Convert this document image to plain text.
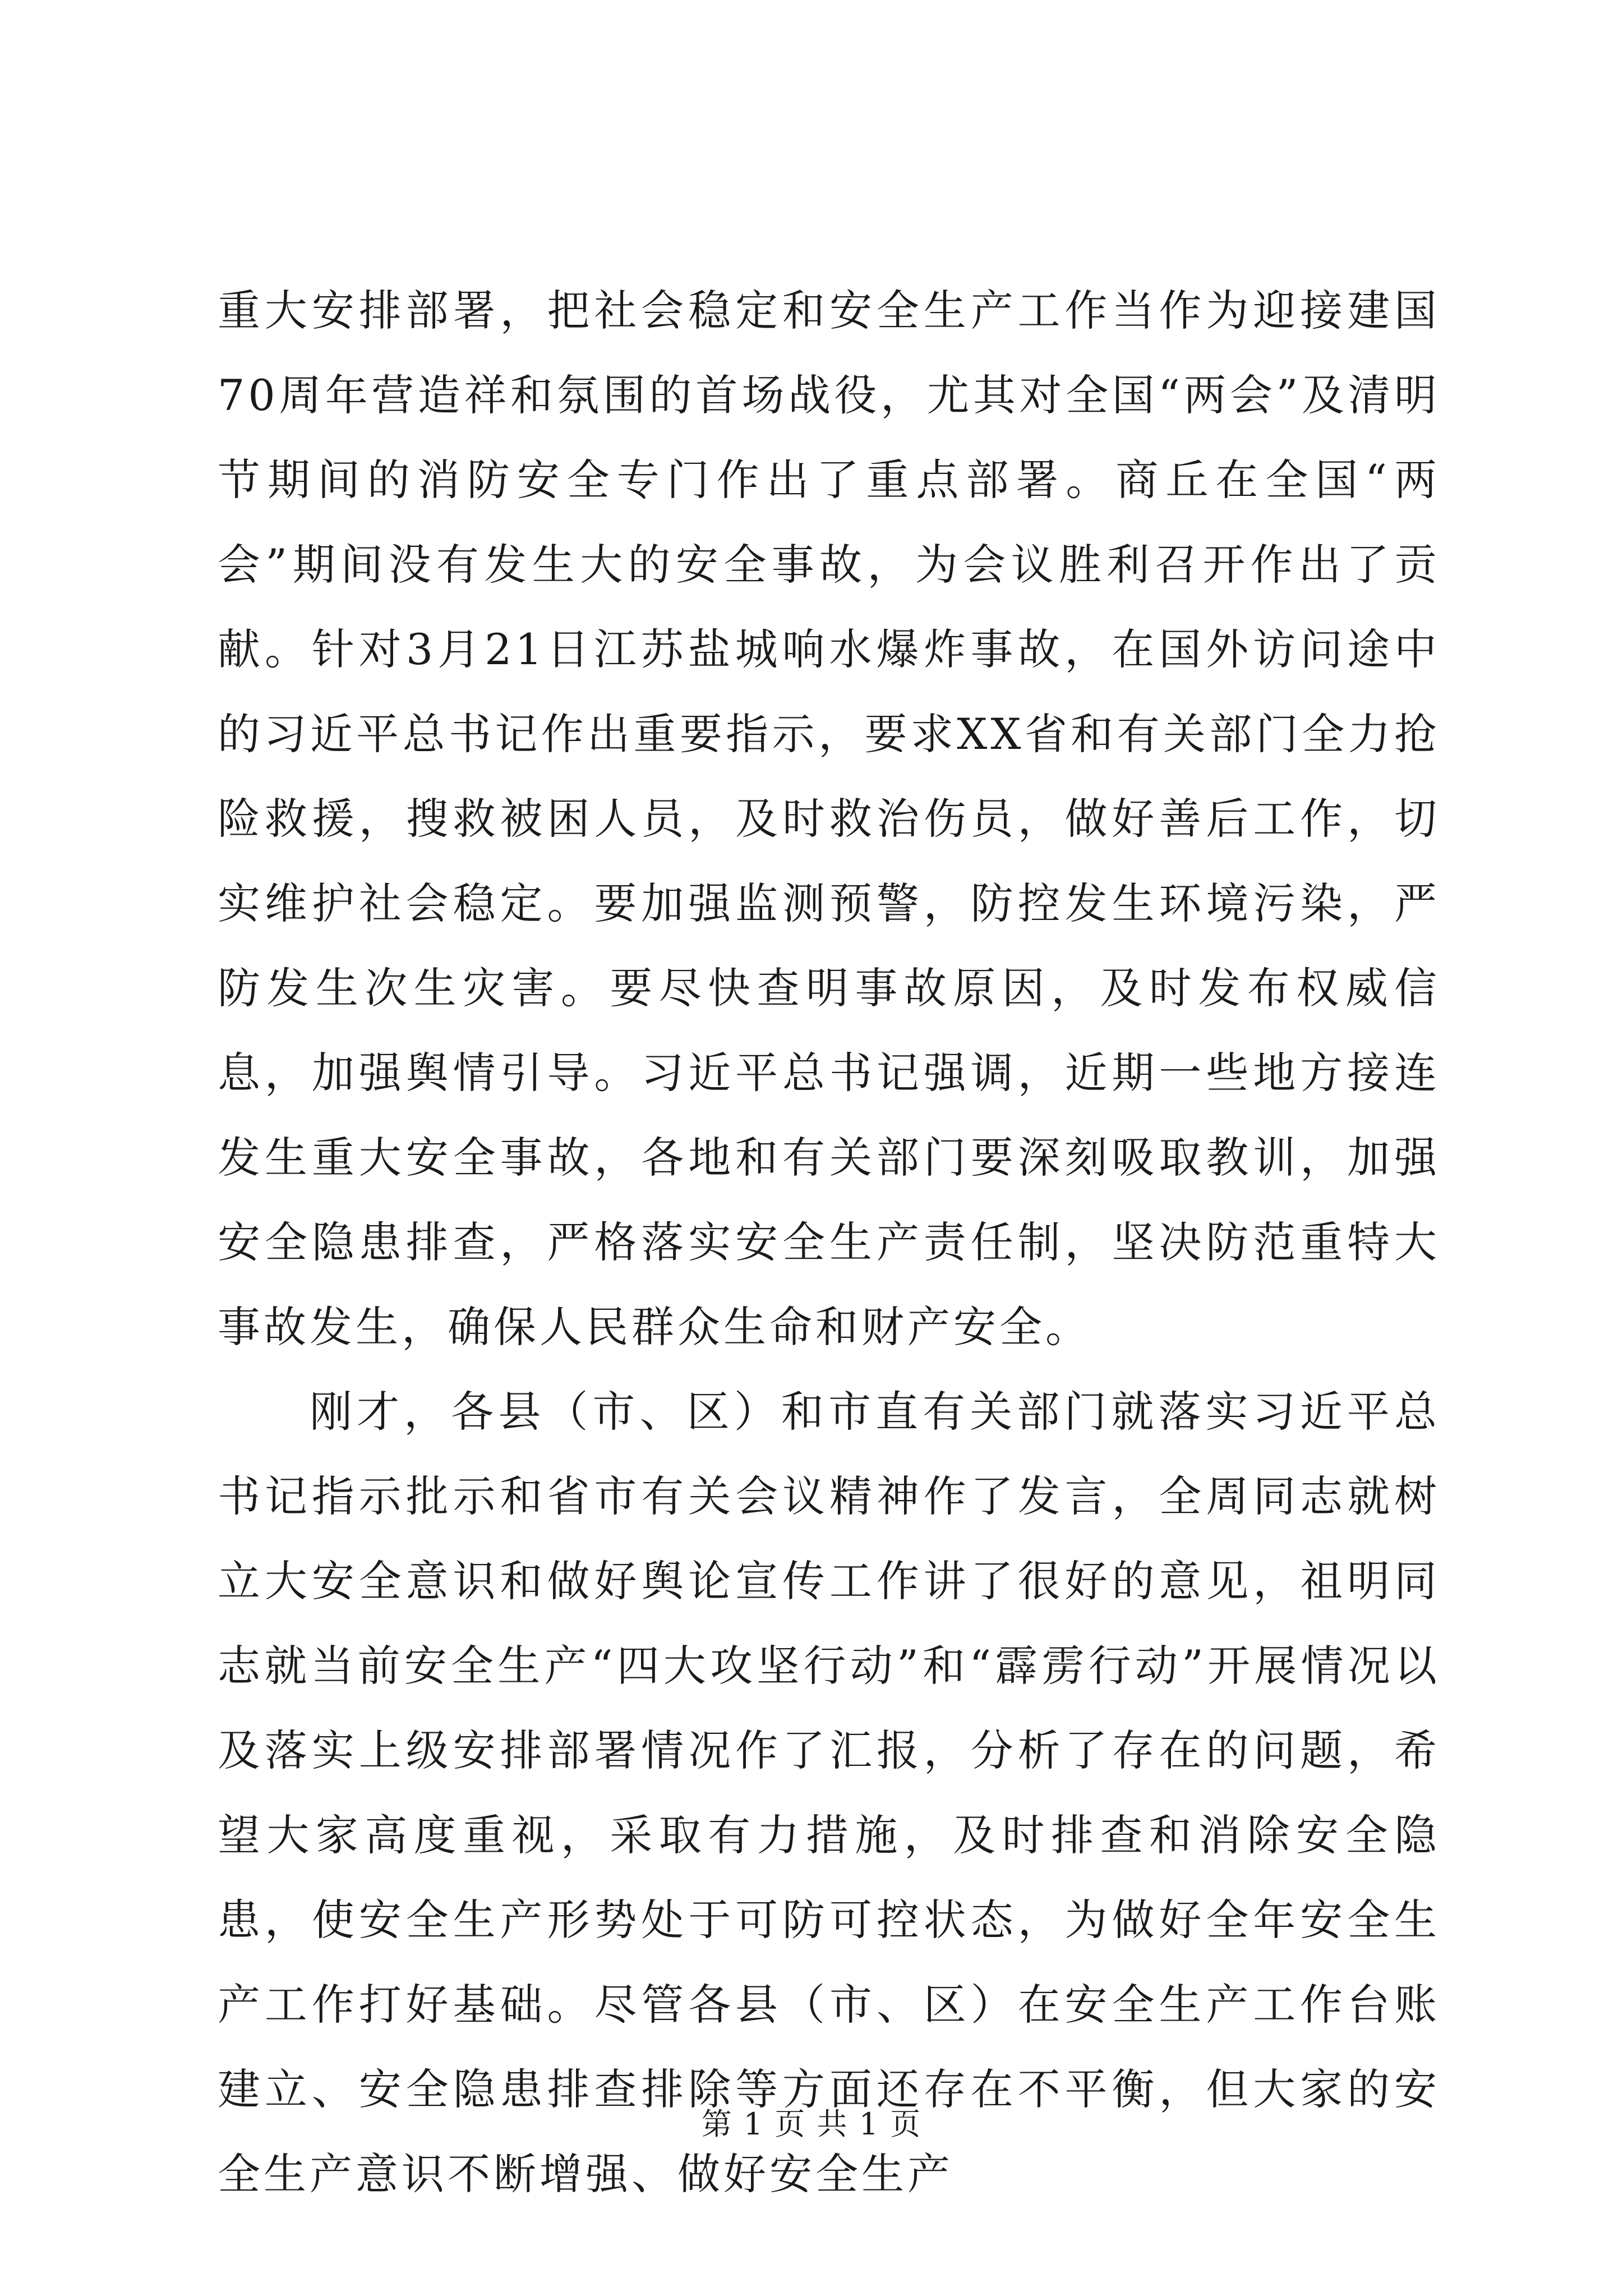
重大安排部署，把社会稳定和安全生产工作当作为迎接建国70周年营造祥和氛围的首场战役，尤其对全国“两会”及清明节期间的消防安全专门作出了重点部署。商丘在全国“两会”期间没有发生大的安全事故，为会议胜利召开作出了贡献。针对3月21日江苏盐城响水爆炸事故，在国外访问途中的习近平总书记作出重要指示，要求XX省和有关部门全力抢险救援，搜救被困人员，及时救治伤员，做好善后工作，切实维护社会稳定。要加强监测预警，防控发生环境污染，严防发生次生灾害。要尽快查明事故原因，及时发布权威信息，加强舆情引导。习近平总书记强调，近期一些地方接连发生重大安全事故，各地和有关部门要深刻吸取教训，加强安全隐患排查，严格落实安全生产责任制，坚决防范重特大事故发生，确保人民群众生命和财产安全。

刚才，各县（市、区）和市直有关部门就落实习近平总书记指示批示和省市有关会议精神作了发言，全周同志就树立大安全意识和做好舆论宣传工作讲了很好的意见，祖明同志就当前安全生产“四大攻坚行动”和“霹雳行动”开展情况以及落实上级安排部署情况作了汇报，分析了存在的问题，希望大家高度重视，采取有力措施，及时排查和消除安全隐患，使安全生产形势处于可防可控状态，为做好全年安全生产工作打好基础。尽管各县（市、区）在安全生产工作台账建立、安全隐患排查排除等方面还存在不平衡，但大家的安全生产意识不断增强、做好安全生产

第 1 页 共 1 页
